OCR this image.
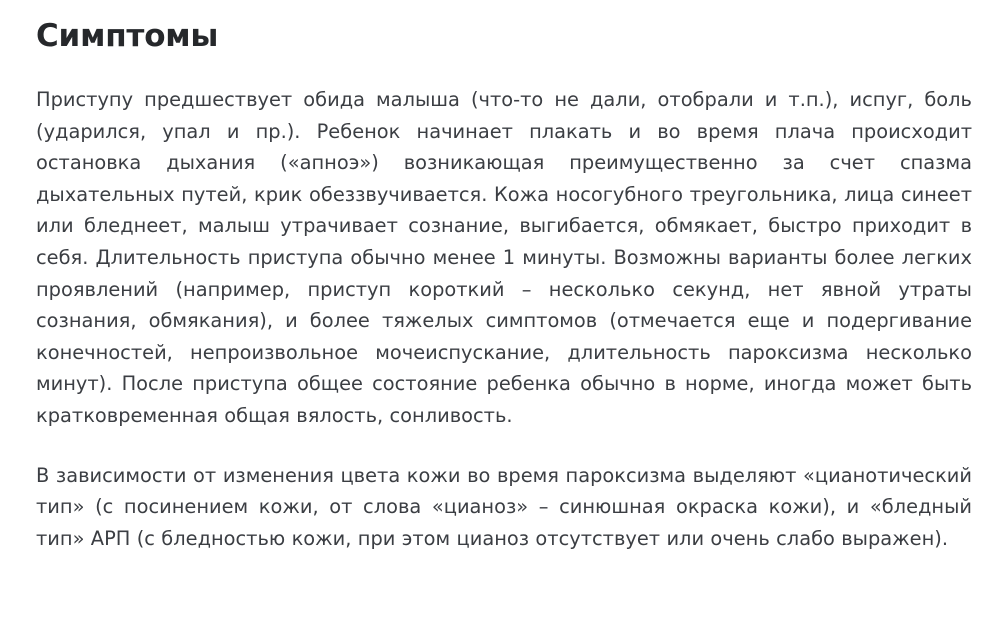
Симптомы

Приступу предшествует обида малыша (что-то не дали, отобрали и т.п.), испуг, боль (ударился, упал и пр.). Ребенок начинает плакать и во время плача происходит остановка дыхания («апноэ») возникающая преимущественно за счет спазма дыхательных путей, крик обеззвучивается. Кожа носогубного треугольника, лица синеет или бледнеет, малыш утрачивает сознание, выгибается, обмякает, быстро приходит в себя. Длительность приступа обычно менее 1 минуты. Возможны варианты более легких проявлений (например, приступ короткий – несколько секунд, нет явной утраты сознания, обмякания), и более тяжелых симптомов (отмечается еще и подергивание конечностей, непроизвольное мочеиспускание, длительность пароксизма несколько минут). После приступа общее состояние ребенка обычно в норме, иногда может быть кратковременная общая вялость, сонливость.

В зависимости от изменения цвета кожи во время пароксизма выделяют «цианотический тип» (с посинением кожи, от слова «цианоз» – синюшная окраска кожи), и «бледный тип» АРП (с бледностью кожи, при этом цианоз отсутствует или очень слабо выражен).
